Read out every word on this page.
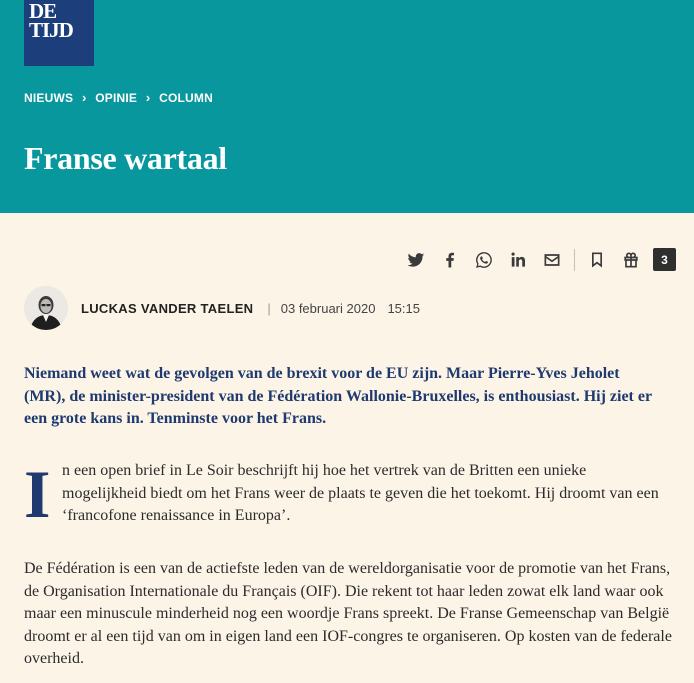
DE
TIJD
NIEUWS › OPINIE › COLUMN
Franse wartaal
3
LUCKAS VANDER TAELEN | 03 februari 2020 15:15

Niemand weet wat de gevolgen van de brexit voor de EU zijn. Maar Pierre-Yves Jeholet (MR), de minister-president van de Fédération Wallonie-Bruxelles, is enthousiast. Hij ziet er een grote kans in. Tenminste voor het Frans.

I n een open brief in Le Soir beschrijft hij hoe het vertrek van de Britten een unieke mogelijkheid biedt om het Frans weer de plaats te geven die het toekomt. Hij droomt van een ‘francofone renaissance in Europa’.

De Fédération is een van de actiefste leden van de wereldorganisatie voor de promotie van het Frans, de Organisation Internationale du Français (OIF). Die rekent tot haar leden zowat elk land waar ook maar een minuscule minderheid nog een woordje Frans spreekt. De Franse Gemeenschap van België droomt er al een tijd van om in eigen land een IOF-congres te organiseren. Op kosten van de federale overheid.
